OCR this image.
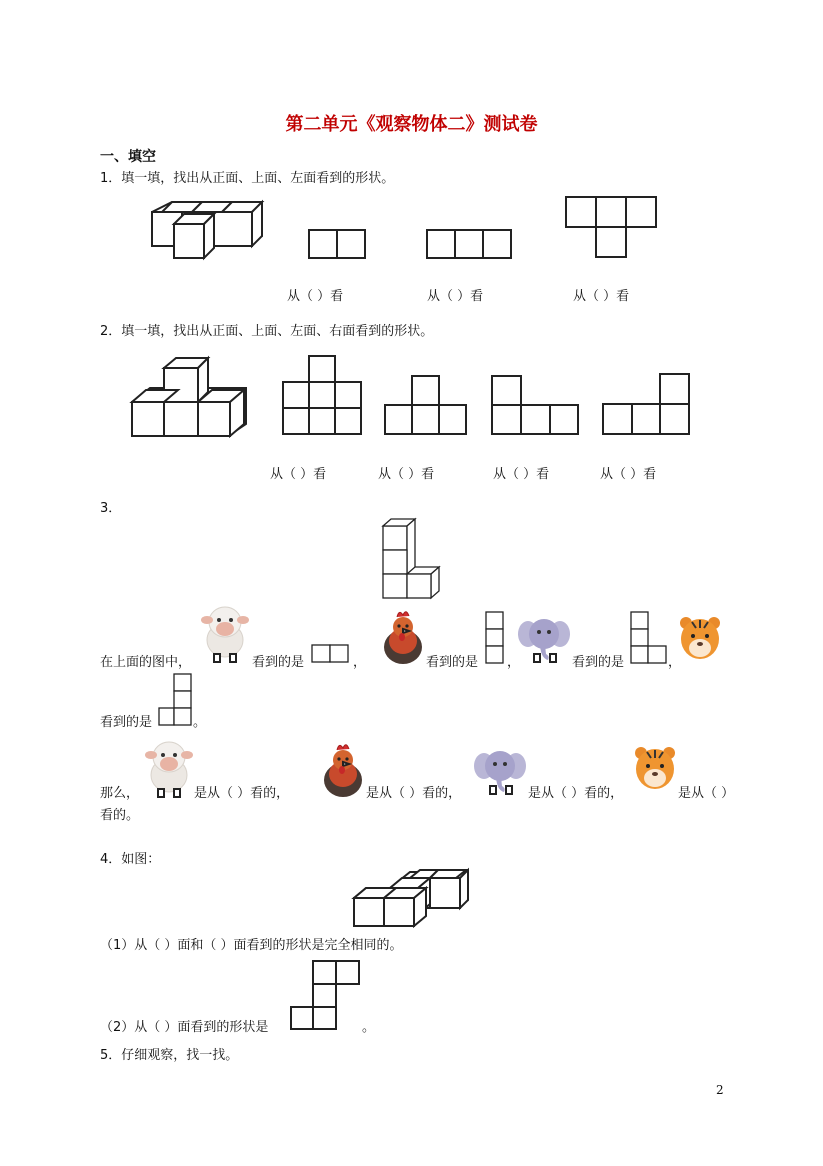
第二单元《观察物体二》测试卷
一、填空
1．填一填，找出从正面、上面、左面看到的形状。
从（ ）看	从（ ）看	从（ ）看
2．填一填，找出从正面、上面、左面、右面看到的形状。
从（ ）看	从（ ）看	从（ ）看	从（ ）看
3．
在上面的图中，	看到的是	，	看到的是 ，	看到的是	，
看到的是	。
那么，	是从（ ）看的，	是从（ ）看的，	是从（ ）看的，	是从（ ）
看的。
4．如图：
（1）从（ ）面和（ ）面看到的形状是完全相同的。
（2）从（ ）面看到的形状是	。
5．仔细观察，找一找。
2
